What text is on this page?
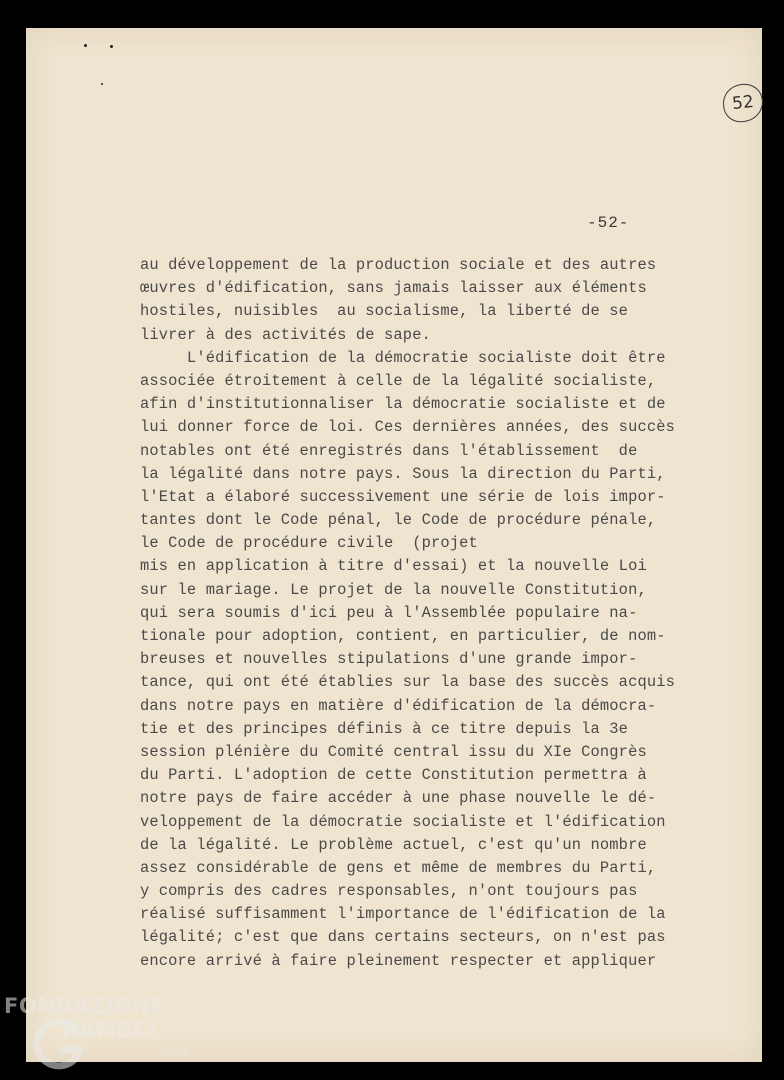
52
-52-
au développement de la production sociale et des autres
œuvres d'édification, sans jamais laisser aux éléments
hostiles, nuisibles  au socialisme, la liberté de se
livrer à des activités de sape.
L'édification de la démocratie socialiste doit être
associée étroitement à celle de la légalité socialiste,
afin d'institutionnaliser la démocratie socialiste et de
lui donner force de loi. Ces dernières années, des succès
notables ont été enregistrés dans l'établissement  de
la légalité dans notre pays. Sous la direction du Parti,
l'Etat a élaboré successivement une série de lois impor-
tantes dont le Code pénal, le Code de procédure pénale,
le Code de procédure civile  (projet
mis en application à titre d'essai) et la nouvelle Loi
sur le mariage. Le projet de la nouvelle Constitution,
qui sera soumis d'ici peu à l'Assemblée populaire na-
tionale pour adoption, contient, en particulier, de nom-
breuses et nouvelles stipulations d'une grande impor-
tance, qui ont été établies sur la base des succès acquis
dans notre pays en matière d'édification de la démocra-
tie et des principes définis à ce titre depuis la 3e
session plénière du Comité central issu du XIe Congrès
du Parti. L'adoption de cette Constitution permettra à
notre pays de faire accéder à une phase nouvelle le dé-
veloppement de la démocratie socialiste et l'édification
de la légalité. Le problème actuel, c'est qu'un nombre
assez considérable de gens et même de membres du Parti,
y compris des cadres responsables, n'ont toujours pas
réalisé suffisamment l'importance de l'édification de la
légalité; c'est que dans certains secteurs, on n'est pas
encore arrivé à faire pleinement respecter et appliquer
FONDAZIONE
RAMSCI
onlus
